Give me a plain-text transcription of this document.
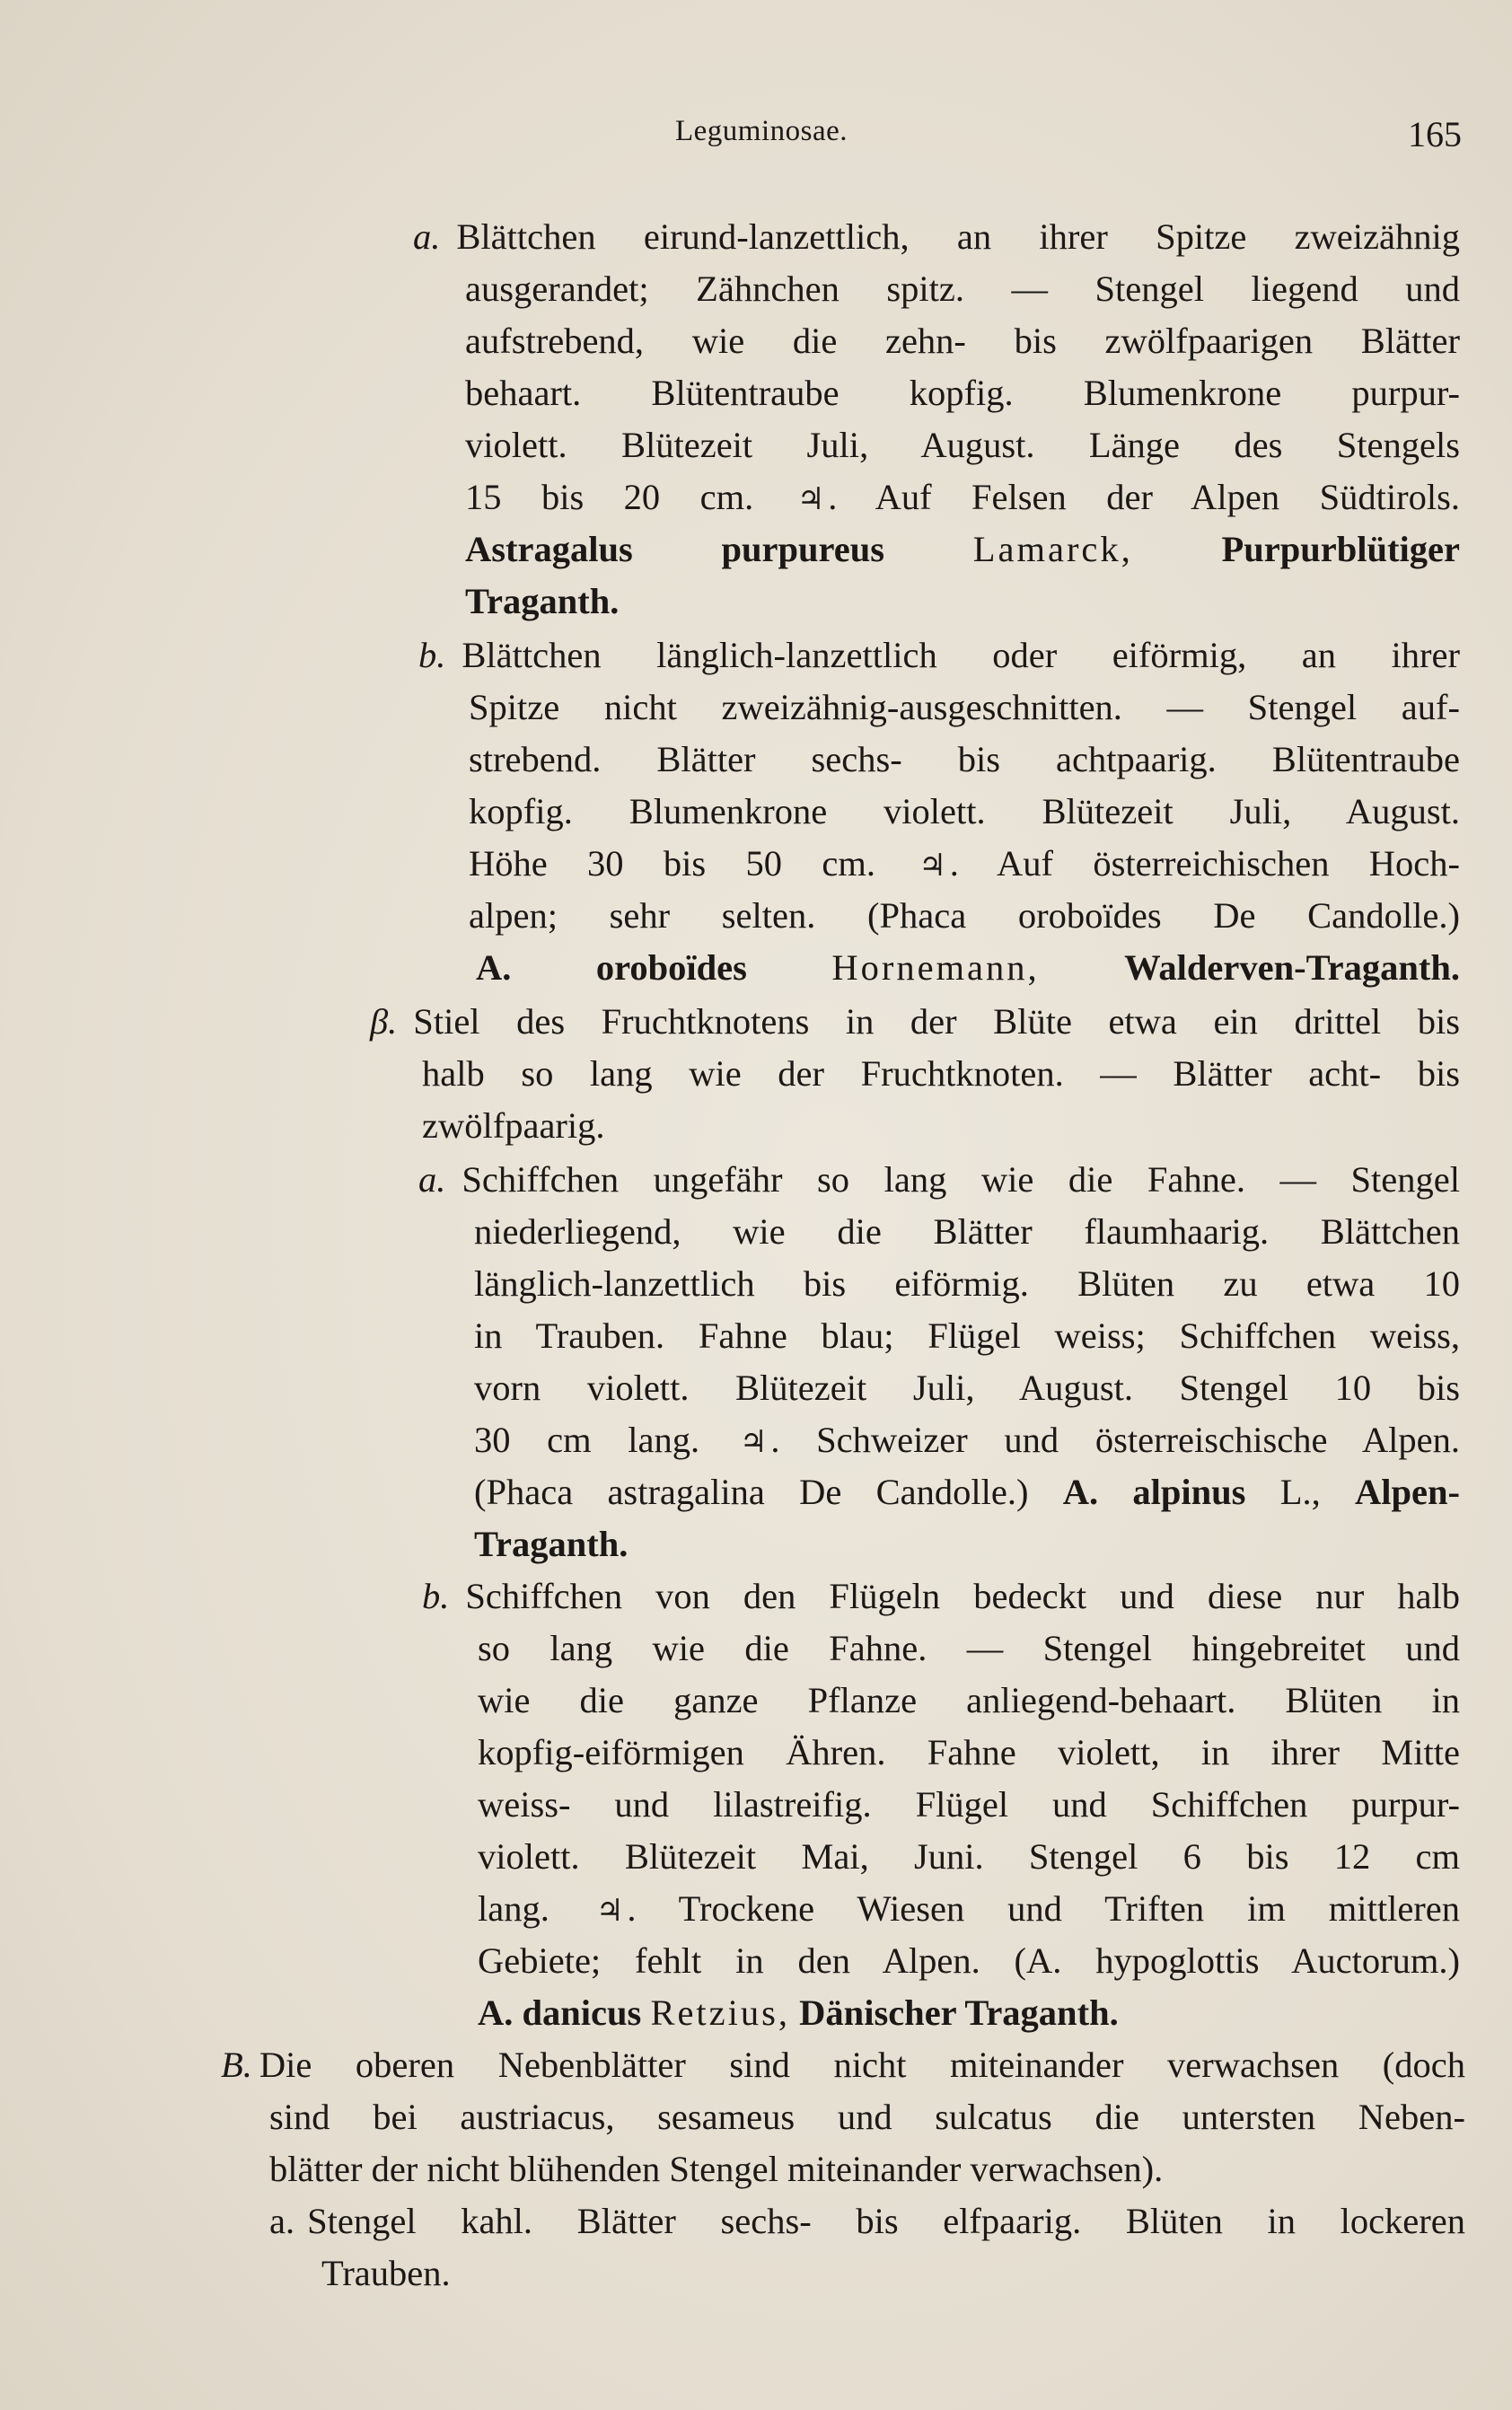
Leguminosae.	165
a. Blättchen eirund-lanzettlich, an ihrer Spitze zweizähnig
ausgerandet; Zähnchen spitz. — Stengel liegend und
aufstrebend, wie die zehn- bis zwölfpaarigen Blätter
behaart. Blütentraube kopfig. Blumenkrone purpur-
violett. Blütezeit Juli, August. Länge des Stengels
15 bis 20 cm. ♃. Auf Felsen der Alpen Südtirols.
Astragalus purpureus Lamarck, Purpurblütiger
Traganth.
b. Blättchen länglich-lanzettlich oder eiförmig, an ihrer
Spitze nicht zweizähnig-ausgeschnitten. — Stengel auf-
strebend. Blätter sechs- bis achtpaarig. Blütentraube
kopfig. Blumenkrone violett. Blütezeit Juli, August.
Höhe 30 bis 50 cm. ♃. Auf österreichischen Hoch-
alpen; sehr selten. (Phaca oroboïdes De Candolle.)
A. oroboïdes Hornemann, Walderven-Traganth.
β. Stiel des Fruchtknotens in der Blüte etwa ein drittel bis
halb so lang wie der Fruchtknoten. — Blätter acht- bis
zwölfpaarig.
a. Schiffchen ungefähr so lang wie die Fahne. — Stengel
niederliegend, wie die Blätter flaumhaarig. Blättchen
länglich-lanzettlich bis eiförmig. Blüten zu etwa 10
in Trauben. Fahne blau; Flügel weiss; Schiffchen weiss,
vorn violett. Blütezeit Juli, August. Stengel 10 bis
30 cm lang. ♃. Schweizer und österreischische Alpen.
(Phaca astragalina De Candolle.) A. alpinus L., Alpen-
Traganth.
b. Schiffchen von den Flügeln bedeckt und diese nur halb
so lang wie die Fahne. — Stengel hingebreitet und
wie die ganze Pflanze anliegend-behaart. Blüten in
kopfig-eiförmigen Ähren. Fahne violett, in ihrer Mitte
weiss- und lilastreifig. Flügel und Schiffchen purpur-
violett. Blütezeit Mai, Juni. Stengel 6 bis 12 cm
lang. ♃. Trockene Wiesen und Triften im mittleren
Gebiete; fehlt in den Alpen. (A. hypoglottis Auctorum.)
A. danicus Retzius, Dänischer Traganth.
B. Die oberen Nebenblätter sind nicht miteinander verwachsen (doch
sind bei austriacus, sesameus und sulcatus die untersten Neben-
blätter der nicht blühenden Stengel miteinander verwachsen).
a. Stengel kahl. Blätter sechs- bis elfpaarig. Blüten in lockeren
Trauben.
